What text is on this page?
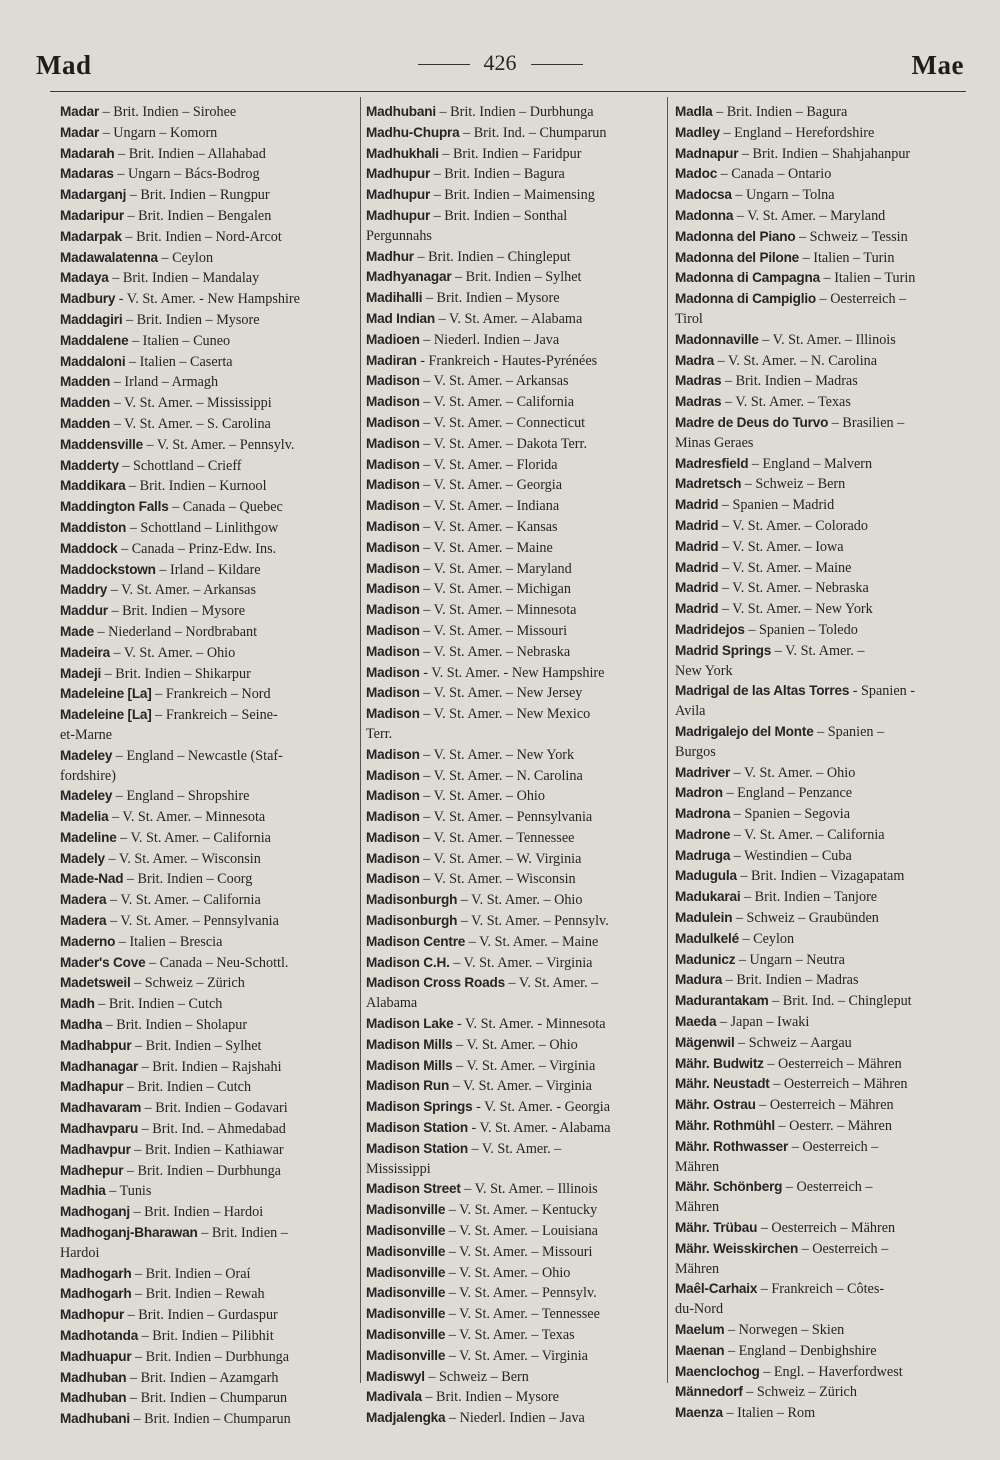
Mad	426	Mae
Madar – Brit. Indien – Sirohee
Madar – Ungarn – Komorn
Madarah – Brit. Indien – Allahabad
Madaras – Ungarn – Bács-Bodrog
Madarganj – Brit. Indien – Rungpur
Madaripur – Brit. Indien – Bengalen
Madarpak – Brit. Indien – Nord-Arcot
Madawalatenna – Ceylon
Madaya – Brit. Indien – Mandalay
Madbury - V. St. Amer. - New Hampshire
Maddagiri – Brit. Indien – Mysore
Maddalene – Italien – Cuneo
Maddaloni – Italien – Caserta
Madden – Irland – Armagh
Madden – V. St. Amer. – Mississippi
Madden – V. St. Amer. – S. Carolina
Maddensville – V. St. Amer. – Pennsylv.
Madderty – Schottland – Crieff
Maddikara – Brit. Indien – Kurnool
Maddington Falls – Canada – Quebec
Maddiston – Schottland – Linlithgow
Maddock – Canada – Prinz-Edw. Ins.
Maddockstown – Irland – Kildare
Maddry – V. St. Amer. – Arkansas
Maddur – Brit. Indien – Mysore
Made – Niederland – Nordbrabant
Madeira – V. St. Amer. – Ohio
Madeji – Brit. Indien – Shikarpur
Madeleine [La] – Frankreich – Nord
Madeleine [La] – Frankreich – Seine-
et-Marne
Madeley – England – Newcastle (Staf-
fordshire)
Madeley – England – Shropshire
Madelia – V. St. Amer. – Minnesota
Madeline – V. St. Amer. – California
Madely – V. St. Amer. – Wisconsin
Made-Nad – Brit. Indien – Coorg
Madera – V. St. Amer. – California
Madera – V. St. Amer. – Pennsylvania
Maderno – Italien – Brescia
Mader's Cove – Canada – Neu-Schottl.
Madetsweil – Schweiz – Zürich
Madh – Brit. Indien – Cutch
Madha – Brit. Indien – Sholapur
Madhabpur – Brit. Indien – Sylhet
Madhanagar – Brit. Indien – Rajshahi
Madhapur – Brit. Indien – Cutch
Madhavaram – Brit. Indien – Godavari
Madhavparu – Brit. Ind. – Ahmedabad
Madhavpur – Brit. Indien – Kathiawar
Madhepur – Brit. Indien – Durbhunga
Madhia – Tunis
Madhoganj – Brit. Indien – Hardoi
Madhoganj-Bharawan – Brit. Indien –
Hardoi
Madhogarh – Brit. Indien – Oraí
Madhogarh – Brit. Indien – Rewah
Madhopur – Brit. Indien – Gurdaspur
Madhotanda – Brit. Indien – Pilibhit
Madhuapur – Brit. Indien – Durbhunga
Madhuban – Brit. Indien – Azamgarh
Madhuban – Brit. Indien – Chumparun
Madhubani – Brit. Indien – Chumparun
Madhubani – Brit. Indien – Durbhunga
Madhu-Chupra – Brit. Ind. – Chumparun
Madhukhali – Brit. Indien – Faridpur
Madhupur – Brit. Indien – Bagura
Madhupur – Brit. Indien – Maimensing
Madhupur – Brit. Indien – Sonthal
Pergunnahs
Madhur – Brit. Indien – Chingleput
Madhyanagar – Brit. Indien – Sylhet
Madihalli – Brit. Indien – Mysore
Mad Indian – V. St. Amer. – Alabama
Madioen – Niederl. Indien – Java
Madiran - Frankreich - Hautes-Pyrénées
Madison – V. St. Amer. – Arkansas
Madison – V. St. Amer. – California
Madison – V. St. Amer. – Connecticut
Madison – V. St. Amer. – Dakota Terr.
Madison – V. St. Amer. – Florida
Madison – V. St. Amer. – Georgia
Madison – V. St. Amer. – Indiana
Madison – V. St. Amer. – Kansas
Madison – V. St. Amer. – Maine
Madison – V. St. Amer. – Maryland
Madison – V. St. Amer. – Michigan
Madison – V. St. Amer. – Minnesota
Madison – V. St. Amer. – Missouri
Madison – V. St. Amer. – Nebraska
Madison - V. St. Amer. - New Hampshire
Madison – V. St. Amer. – New Jersey
Madison – V. St. Amer. – New Mexico
Terr.
Madison – V. St. Amer. – New York
Madison – V. St. Amer. – N. Carolina
Madison – V. St. Amer. – Ohio
Madison – V. St. Amer. – Pennsylvania
Madison – V. St. Amer. – Tennessee
Madison – V. St. Amer. – W. Virginia
Madison – V. St. Amer. – Wisconsin
Madisonburgh – V. St. Amer. – Ohio
Madisonburgh – V. St. Amer. – Pennsylv.
Madison Centre – V. St. Amer. – Maine
Madison C.H. – V. St. Amer. – Virginia
Madison Cross Roads – V. St. Amer. –
Alabama
Madison Lake - V. St. Amer. - Minnesota
Madison Mills – V. St. Amer. – Ohio
Madison Mills – V. St. Amer. – Virginia
Madison Run – V. St. Amer. – Virginia
Madison Springs - V. St. Amer. - Georgia
Madison Station - V. St. Amer. - Alabama
Madison Station – V. St. Amer. –
Mississippi
Madison Street – V. St. Amer. – Illinois
Madisonville – V. St. Amer. – Kentucky
Madisonville – V. St. Amer. – Louisiana
Madisonville – V. St. Amer. – Missouri
Madisonville – V. St. Amer. – Ohio
Madisonville – V. St. Amer. – Pennsylv.
Madisonville – V. St. Amer. – Tennessee
Madisonville – V. St. Amer. – Texas
Madisonville – V. St. Amer. – Virginia
Madiswyl – Schweiz – Bern
Madivala – Brit. Indien – Mysore
Madjalengka – Niederl. Indien – Java
Madla – Brit. Indien – Bagura
Madley – England – Herefordshire
Madnapur – Brit. Indien – Shahjahanpur
Madoc – Canada – Ontario
Madocsa – Ungarn – Tolna
Madonna – V. St. Amer. – Maryland
Madonna del Piano – Schweiz – Tessin
Madonna del Pilone – Italien – Turin
Madonna di Campagna – Italien – Turin
Madonna di Campiglio – Oesterreich –
Tirol
Madonnaville – V. St. Amer. – Illinois
Madra – V. St. Amer. – N. Carolina
Madras – Brit. Indien – Madras
Madras – V. St. Amer. – Texas
Madre de Deus do Turvo – Brasilien –
Minas Geraes
Madresfield – England – Malvern
Madretsch – Schweiz – Bern
Madrid – Spanien – Madrid
Madrid – V. St. Amer. – Colorado
Madrid – V. St. Amer. – Iowa
Madrid – V. St. Amer. – Maine
Madrid – V. St. Amer. – Nebraska
Madrid – V. St. Amer. – New York
Madridejos – Spanien – Toledo
Madrid Springs – V. St. Amer. –
New York
Madrigal de las Altas Torres - Spanien -
Avila
Madrigalejo del Monte – Spanien –
Burgos
Madriver – V. St. Amer. – Ohio
Madron – England – Penzance
Madrona – Spanien – Segovia
Madrone – V. St. Amer. – California
Madruga – Westindien – Cuba
Madugula – Brit. Indien – Vizagapatam
Madukarai – Brit. Indien – Tanjore
Madulein – Schweiz – Graubünden
Madulkelé – Ceylon
Madunicz – Ungarn – Neutra
Madura – Brit. Indien – Madras
Madurantakam – Brit. Ind. – Chingleput
Maeda – Japan – Iwaki
Mägenwil – Schweiz – Aargau
Mähr. Budwitz – Oesterreich – Mähren
Mähr. Neustadt – Oesterreich – Mähren
Mähr. Ostrau – Oesterreich – Mähren
Mähr. Rothmühl – Oesterr. – Mähren
Mähr. Rothwasser – Oesterreich –
Mähren
Mähr. Schönberg – Oesterreich –
Mähren
Mähr. Trübau – Oesterreich – Mähren
Mähr. Weisskirchen – Oesterreich –
Mähren
Maêl-Carhaix – Frankreich – Côtes-
du-Nord
Maelum – Norwegen – Skien
Maenan – England – Denbighshire
Maenclochog – Engl. – Haverfordwest
Männedorf – Schweiz – Zürich
Maenza – Italien – Rom
